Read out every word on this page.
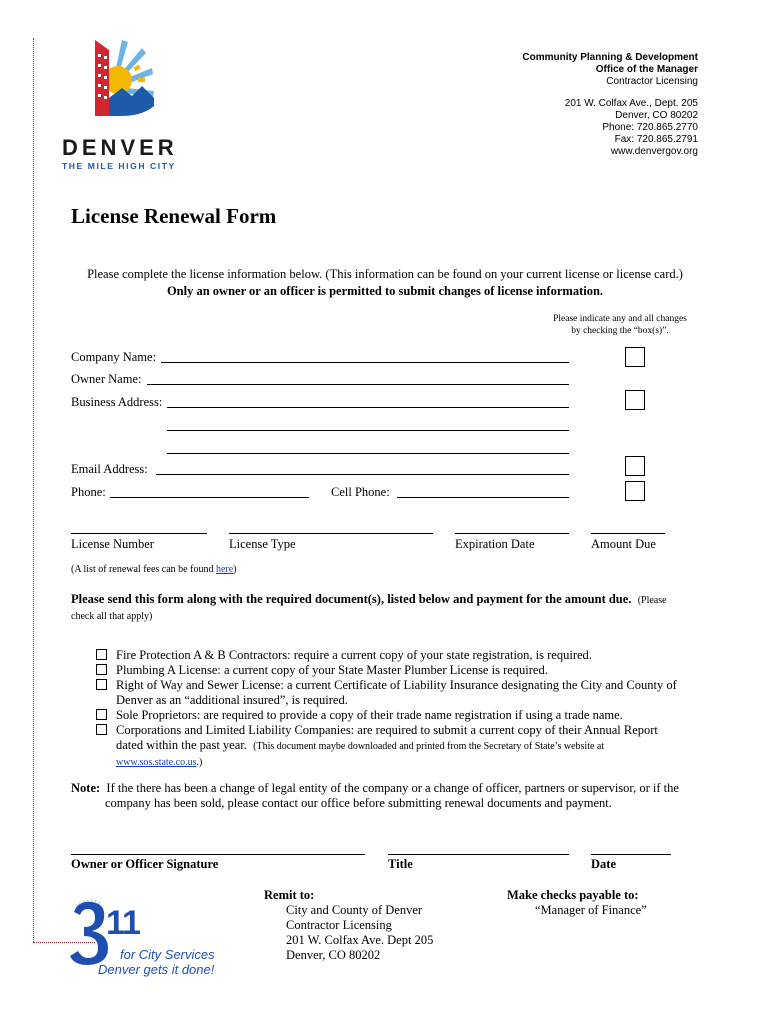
DENVER
THE MILE HIGH CITY
Community Planning & Development
Office of the Manager
Contractor Licensing
201 W. Colfax Ave., Dept. 205
Denver, CO 80202
Phone: 720.865.2770
Fax: 720.865.2791
www.denvergov.org
License Renewal Form
Please complete the license information below. (This information can be found on your current license or license card.)
Only an owner or an officer is permitted to submit changes of license information.
Please indicate any and all changes
by checking the “box(s)”.
Company Name:
Owner Name:
Business Address:
Email Address:
Phone:	Cell Phone:
License Number	License Type	Expiration Date	Amount Due
(A list of renewal fees can be found here)
Please send this form along with the required document(s), listed below and payment for the amount due. (Please
check all that apply)
Fire Protection A & B Contractors: require a current copy of your state registration, is required.
Plumbing A License: a current copy of your State Master Plumber License is required.
Right of Way and Sewer License: a current Certificate of Liability Insurance designating the City and County of
Denver as an “additional insured”, is required.
Sole Proprietors: are required to provide a copy of their trade name registration if using a trade name.
Corporations and Limited Liability Companies: are required to submit a current copy of their Annual Report
dated within the past year. (This document maybe downloaded and printed from the Secretary of State’s website at
www.sos.state.co.us.)
Note: If the there has been a change of legal entity of the company or a change of officer, partners or supervisor, or if the

company has been sold, please contact our office before submitting renewal documents and payment.
Owner or Officer Signature	Title	Date
11
for City Services
Denver gets it done!
Remit to:
City and County of Denver
Contractor Licensing
201 W. Colfax Ave. Dept 205
Denver, CO 80202
Make checks payable to:
“Manager of Finance”
